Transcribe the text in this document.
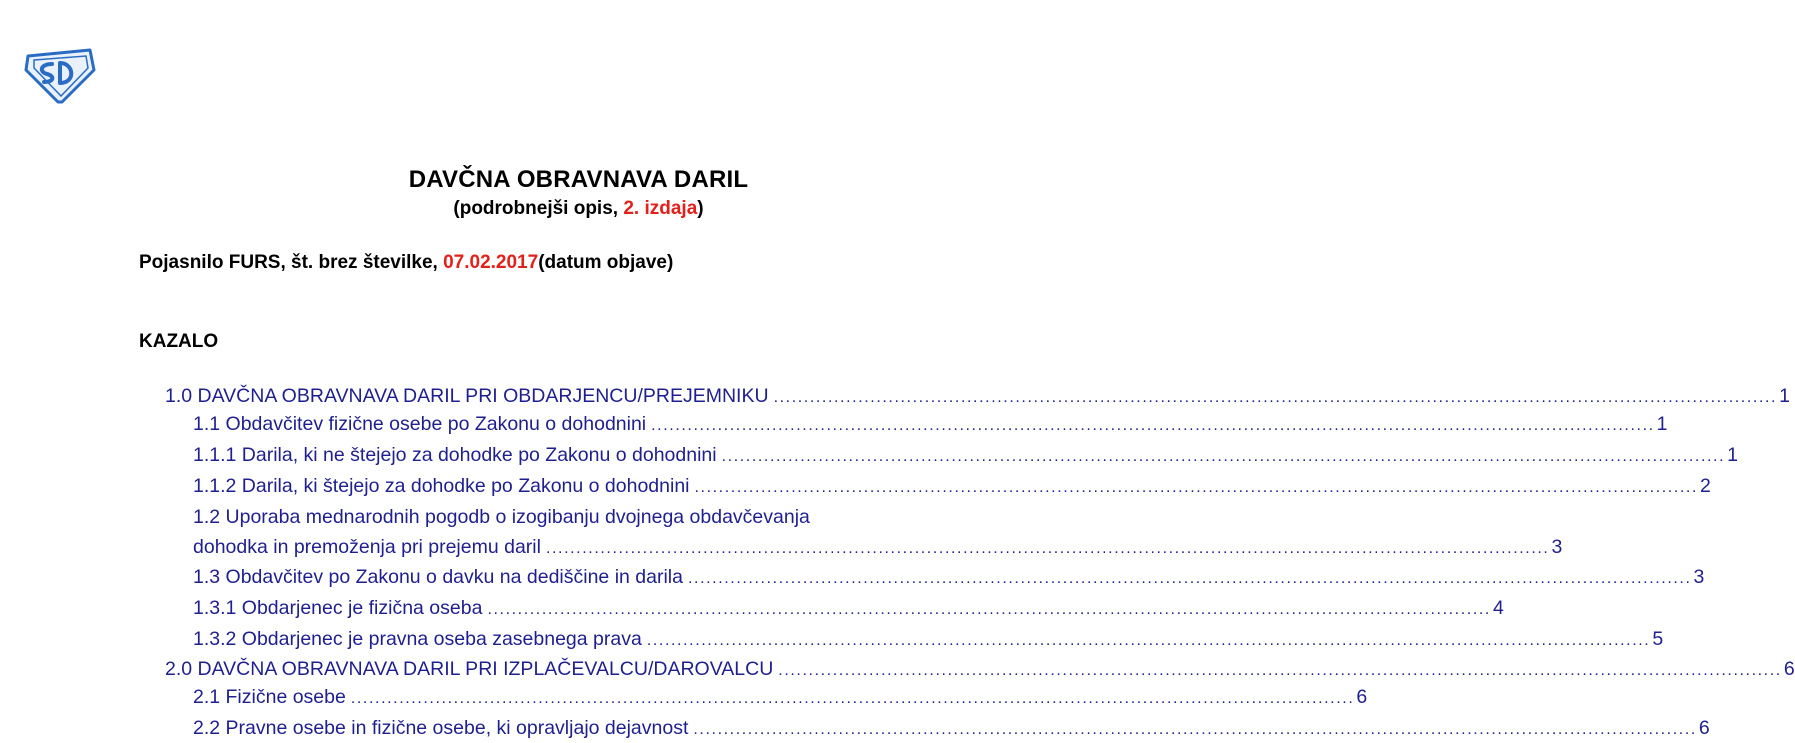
DAVČNA OBRAVNAVA DARIL
(podrobnejši opis, 2. izdaja)
Pojasnilo FURS, št. brez številke, 07.02.2017(datum objave)
KAZALO
1.0 DAVČNA OBRAVNAVA DARIL PRI OBDARJENCU/PREJEMNIKU ...................................................................................................................................................................... 1
1.1 Obdavčitev fizične osebe po Zakonu o dohodnini ...................................................................................................................................................................... 1
1.1.1 Darila, ki ne štejejo za dohodke po Zakonu o dohodnini ...................................................................................................................................................................... 1
1.1.2 Darila, ki štejejo za dohodke po Zakonu o dohodnini ...................................................................................................................................................................... 2
1.2 Uporaba mednarodnih pogodb o izogibanju dvojnega obdavčevanja
dohodka in premoženja pri prejemu daril ...................................................................................................................................................................... 3
1.3 Obdavčitev po Zakonu o davku na dediščine in darila ...................................................................................................................................................................... 3
1.3.1 Obdarjenec je fizična oseba ...................................................................................................................................................................... 4
1.3.2 Obdarjenec je pravna oseba zasebnega prava ...................................................................................................................................................................... 5
2.0 DAVČNA OBRAVNAVA DARIL PRI IZPLAČEVALCU/DAROVALCU ...................................................................................................................................................................... 6
2.1 Fizične osebe ...................................................................................................................................................................... 6
2.2 Pravne osebe in fizične osebe, ki opravljajo dejavnost ...................................................................................................................................................................... 6
